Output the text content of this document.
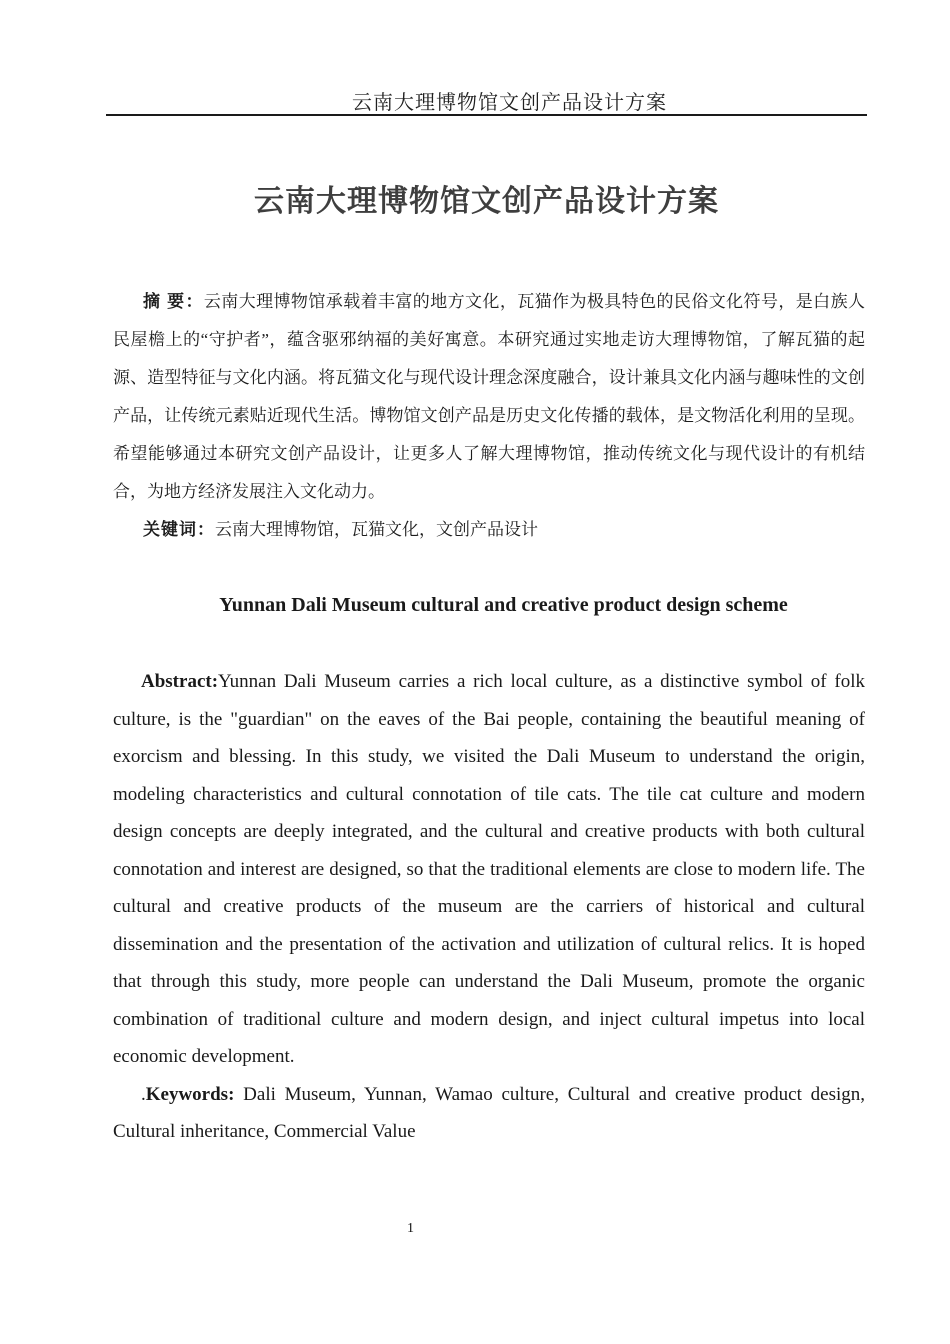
云南大理博物馆文创产品设计方案
云南大理博物馆文创产品设计方案

摘 要：云南大理博物馆承载着丰富的地方文化，瓦猫作为极具特色的民俗文化符号，是白族人民屋檐上的“守护者”，蕴含驱邪纳福的美好寓意。本研究通过实地走访大理博物馆，了解瓦猫的起源、造型特征与文化内涵。将瓦猫文化与现代设计理念深度融合，设计兼具文化内涵与趣味性的文创产品，让传统元素贴近现代生活。博物馆文创产品是历史文化传播的载体，是文物活化利用的呈现。希望能够通过本研究文创产品设计，让更多人了解大理博物馆，推动传统文化与现代设计的有机结合，为地方经济发展注入文化动力。

关键词：云南大理博物馆，瓦猫文化，文创产品设计

Yunnan Dali Museum cultural and creative product design scheme

Abstract:Yunnan Dali Museum carries a rich local culture, as a distinctive symbol of folk culture, is the "guardian" on the eaves of the Bai people, containing the beautiful meaning of exorcism and blessing. In this study, we visited the Dali Museum to understand the origin, modeling characteristics and cultural connotation of tile cats. The tile cat culture and modern design concepts are deeply integrated, and the cultural and creative products with both cultural connotation and interest are designed, so that the traditional elements are close to modern life. The cultural and creative products of the museum are the carriers of historical and cultural dissemination and the presentation of the activation and utilization of cultural relics. It is hoped that through this study, more people can understand the Dali Museum, promote the organic combination of traditional culture and modern design, and inject cultural impetus into local economic development.

.Keywords: Dali Museum, Yunnan, Wamao culture, Cultural and creative product design, Cultural inheritance, Commercial Value

1
